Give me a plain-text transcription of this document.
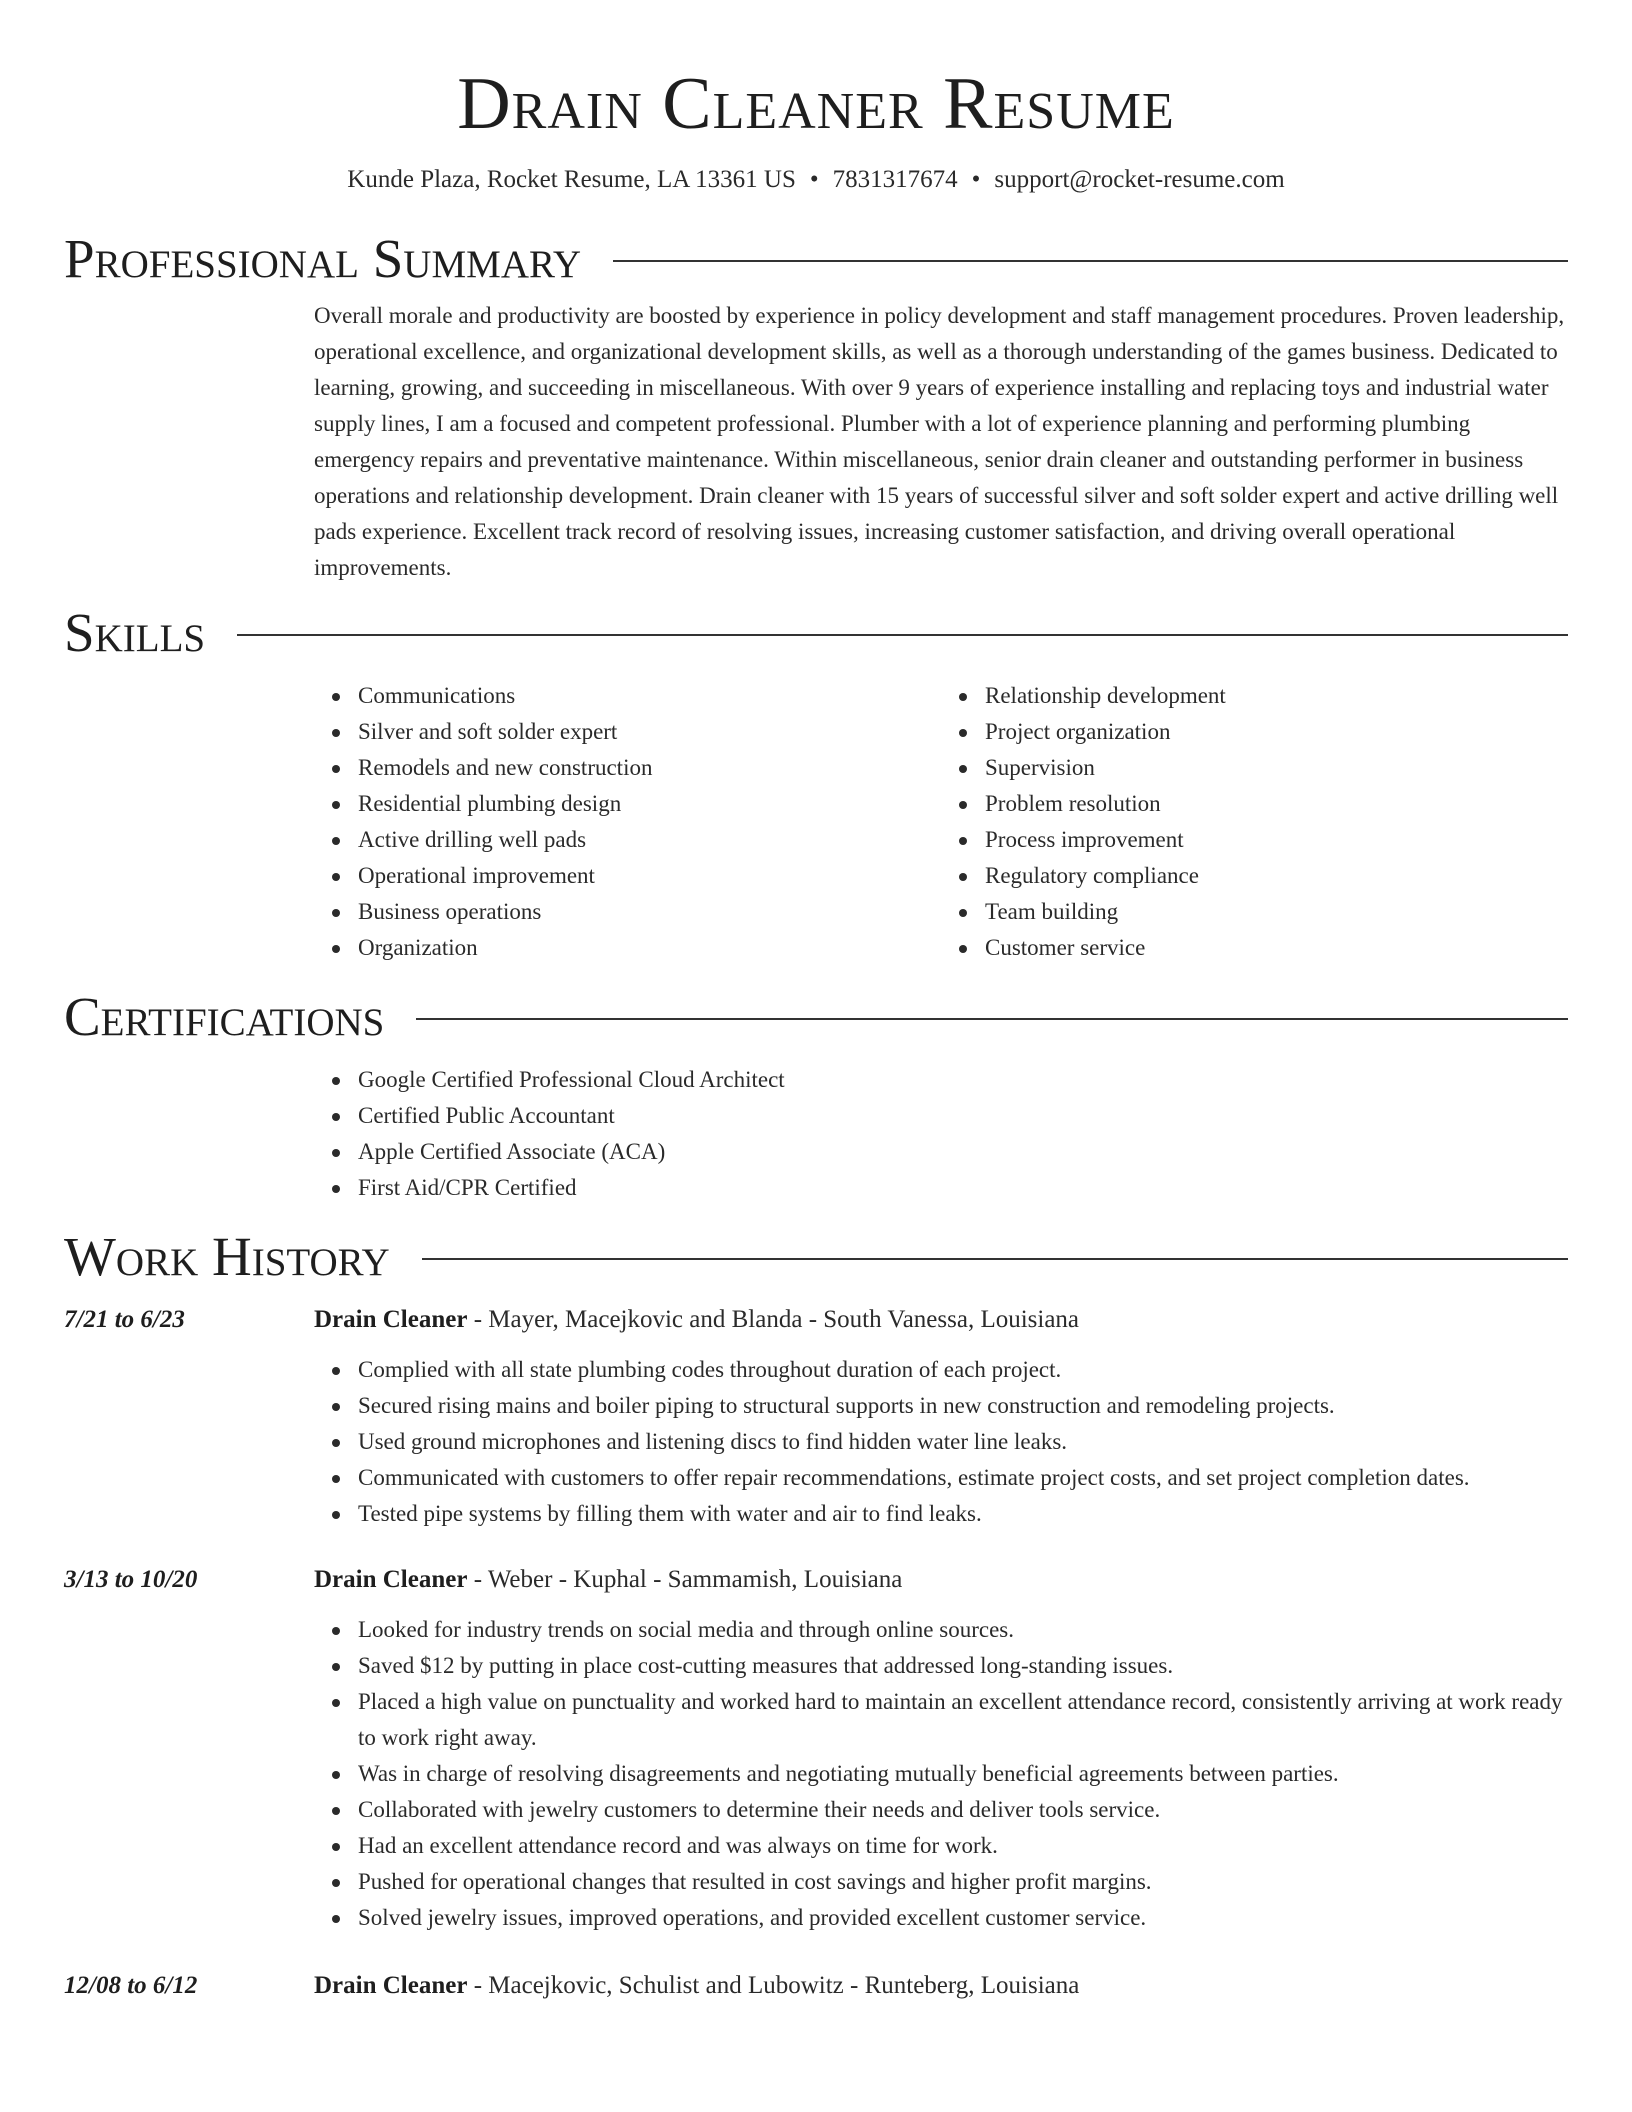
Drain Cleaner Resume
Kunde Plaza, Rocket Resume, LA 13361 US • 7831317674 • support@rocket-resume.com
Professional Summary

Overall morale and productivity are boosted by experience in policy development and staff management procedures. Proven leadership, operational excellence, and organizational development skills, as well as a thorough understanding of the games business. Dedicated to learning, growing, and succeeding in miscellaneous. With over 9 years of experience installing and replacing toys and industrial water supply lines, I am a focused and competent professional. Plumber with a lot of experience planning and performing plumbing emergency repairs and preventative maintenance. Within miscellaneous, senior drain cleaner and outstanding performer in business operations and relationship development. Drain cleaner with 15 years of successful silver and soft solder expert and active drilling well pads experience. Excellent track record of resolving issues, increasing customer satisfaction, and driving overall operational improvements.

Skills
Communications
Silver and soft solder expert
Remodels and new construction
Residential plumbing design
Active drilling well pads
Operational improvement
Business operations
Organization
Relationship development
Project organization
Supervision
Problem resolution
Process improvement
Regulatory compliance
Team building
Customer service
Certifications
Google Certified Professional Cloud Architect
Certified Public Accountant
Apple Certified Associate (ACA)
First Aid/CPR Certified
Work History
7/21 to 6/23	Drain Cleaner - Mayer, Macejkovic and Blanda - South Vanessa, Louisiana
Complied with all state plumbing codes throughout duration of each project.
Secured rising mains and boiler piping to structural supports in new construction and remodeling projects.
Used ground microphones and listening discs to find hidden water line leaks.
Communicated with customers to offer repair recommendations, estimate project costs, and set project completion dates.
Tested pipe systems by filling them with water and air to find leaks.
3/13 to 10/20	Drain Cleaner - Weber - Kuphal - Sammamish, Louisiana
Looked for industry trends on social media and through online sources.
Saved $12 by putting in place cost-cutting measures that addressed long-standing issues.
Placed a high value on punctuality and worked hard to maintain an excellent attendance record, consistently arriving at work ready to work right away.
Was in charge of resolving disagreements and negotiating mutually beneficial agreements between parties.
Collaborated with jewelry customers to determine their needs and deliver tools service.
Had an excellent attendance record and was always on time for work.
Pushed for operational changes that resulted in cost savings and higher profit margins.
Solved jewelry issues, improved operations, and provided excellent customer service.
12/08 to 6/12	Drain Cleaner - Macejkovic, Schulist and Lubowitz - Runteberg, Louisiana
